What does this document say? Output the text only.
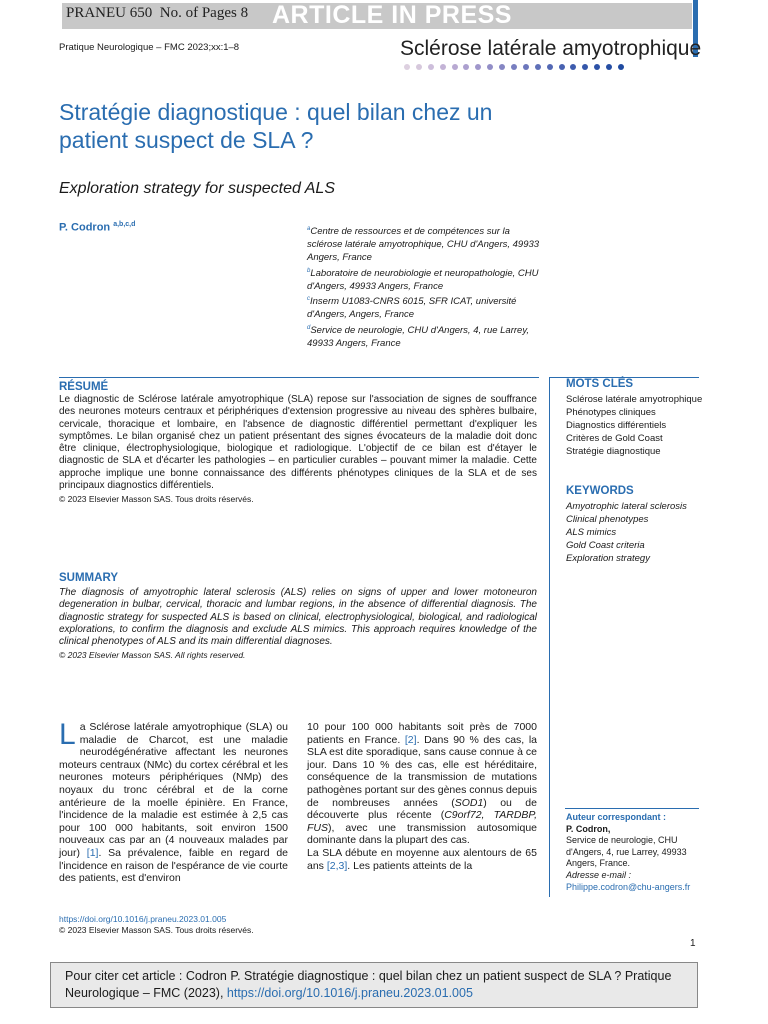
PRANEU 650 No. of Pages 8 ARTICLE IN PRESS
Pratique Neurologique – FMC 2023;xx:1–8	Sclérose latérale amyotrophique
Stratégie diagnostique : quel bilan chez un patient suspect de SLA ?
Exploration strategy for suspected ALS
P. Codron $^{a,b,c,d}$
$^a$Centre de ressources et de compétences sur la sclérose latérale amyotrophique, CHU d'Angers, 49933 Angers, France
$^b$Laboratoire de neurobiologie et neuropathologie, CHU d'Angers, 49933 Angers, France
$^c$Inserm U1083-CNRS 6015, SFR ICAT, université d'Angers, Angers, France
$^d$Service de neurologie, CHU d'Angers, 4, rue Larrey, 49933 Angers, France
RÉSUMÉ
Le diagnostic de Sclérose latérale amyotrophique (SLA) repose sur l'association de signes de souffrance des neurones moteurs centraux et périphériques d'extension progressive au niveau des sphères bulbaire, cervicale, thoracique et lombaire, en l'absence de diagnostic différentiel permettant d'expliquer les symptômes. Le bilan organisé chez un patient présentant des signes évocateurs de la maladie doit donc être clinique, électrophysiologique, biologique et radiologique. L'objectif de ce bilan est d'étayer le diagnostic de SLA et d'écarter les pathologies – en particulier curables – pouvant mimer la maladie. Cette approche implique une bonne connaissance des différents phénotypes cliniques de la SLA et de ses principaux diagnostics différentiels.
© 2023 Elsevier Masson SAS. Tous droits réservés.
SUMMARY
The diagnosis of amyotrophic lateral sclerosis (ALS) relies on signs of upper and lower motoneuron degeneration in bulbar, cervical, thoracic and lumbar regions, in the absence of differential diagnosis. The diagnostic strategy for suspected ALS is based on clinical, electrophysiological, biological, and radiological explorations, to confirm the diagnosis and exclude ALS mimics. This approach requires knowledge of the clinical phenotypes of ALS and its main differential diagnoses.
© 2023 Elsevier Masson SAS. All rights reserved.
MOTS CLÉS
Sclérose latérale amyotrophique
Phénotypes cliniques
Diagnostics différentiels
Critères de Gold Coast
Stratégie diagnostique
KEYWORDS
Amyotrophic lateral sclerosis
Clinical phenotypes
ALS mimics
Gold Coast criteria
Exploration strategy
La Sclérose latérale amyotrophique (SLA) ou maladie de Charcot, est une maladie neurodégénérative affectant les neurones moteurs centraux (NMc) du cortex cérébral et les neurones moteurs périphériques (NMp) des noyaux du tronc cérébral et de la corne antérieure de la moelle épinière. En France, l'incidence de la maladie est estimée à 2,5 cas pour 100 000 habitants, soit environ 1500 nouveaux cas par an (4 nouveaux malades par jour) [1]. Sa prévalence, faible en regard de l'incidence en raison de l'espérance de vie courte des patients, est d'environ
10 pour 100 000 habitants soit près de 7000 patients en France. [2]. Dans 90 % des cas, la SLA est dite sporadique, sans cause connue à ce jour. Dans 10 % des cas, elle est héréditaire, conséquence de la transmission de mutations pathogènes portant sur des gènes connus depuis de nombreuses années (SOD1) ou de découverte plus récente (C9orf72, TARDBP, FUS), avec une transmission autosomique dominante dans la plupart des cas.
La SLA débute en moyenne aux alentours de 65 ans [2,3]. Les patients atteints de la
Auteur correspondant :
P. Codron,
Service de neurologie, CHU d'Angers, 4, rue Larrey, 49933 Angers, France.
Adresse e-mail :
Philippe.codron@chu-angers.fr
https://doi.org/10.1016/j.praneu.2023.01.005
© 2023 Elsevier Masson SAS. Tous droits réservés.
1
Pour citer cet article : Codron P. Stratégie diagnostique : quel bilan chez un patient suspect de SLA ? Pratique Neurologique – FMC (2023), https://doi.org/10.1016/j.praneu.2023.01.005
